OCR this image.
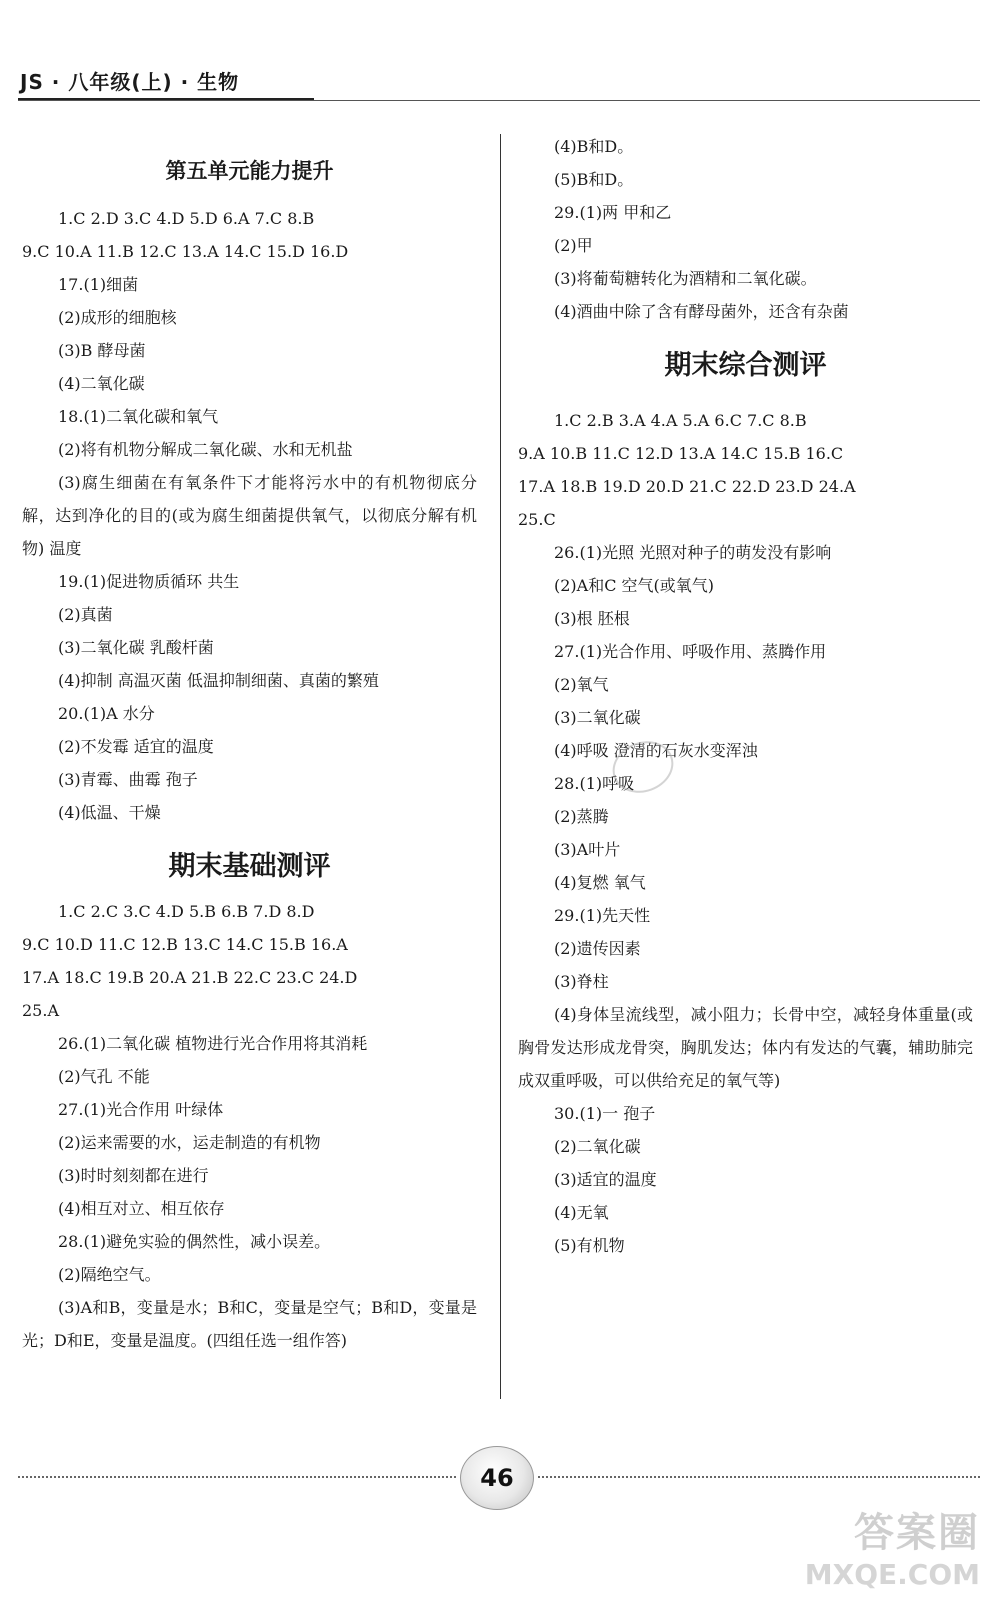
JS · 八年级(上) · 生物
第五单元能力提升
1.C 2.D 3.C 4.D 5.D 6.A 7.C 8.B
9.C 10.A 11.B 12.C 13.A 14.C 15.D 16.D
17.(1)细菌
(2)成形的细胞核
(3)B 酵母菌
(4)二氧化碳
18.(1)二氧化碳和氧气
(2)将有机物分解成二氧化碳、水和无机盐
(3)腐生细菌在有氧条件下才能将污水中的有机物彻底分解，达到净化的目的(或为腐生细菌提供氧气，以彻底分解有机物) 温度
19.(1)促进物质循环 共生
(2)真菌
(3)二氧化碳 乳酸杆菌
(4)抑制 高温灭菌 低温抑制细菌、真菌的繁殖
20.(1)A 水分
(2)不发霉 适宜的温度
(3)青霉、曲霉 孢子
(4)低温、干燥
期末基础测评
1.C 2.C 3.C 4.D 5.B 6.B 7.D 8.D
9.C 10.D 11.C 12.B 13.C 14.C 15.B 16.A
17.A 18.C 19.B 20.A 21.B 22.C 23.C 24.D
25.A
26.(1)二氧化碳 植物进行光合作用将其消耗
(2)气孔 不能
27.(1)光合作用 叶绿体
(2)运来需要的水，运走制造的有机物
(3)时时刻刻都在进行
(4)相互对立、相互依存
28.(1)避免实验的偶然性，减小误差。
(2)隔绝空气。
(3)A和B，变量是水；B和C，变量是空气；B和D，变量是光；D和E，变量是温度。(四组任选一组作答)
(4)B和D。
(5)B和D。
29.(1)两 甲和乙
(2)甲
(3)将葡萄糖转化为酒精和二氧化碳。
(4)酒曲中除了含有酵母菌外，还含有杂菌
期末综合测评
1.C 2.B 3.A 4.A 5.A 6.C 7.C 8.B
9.A 10.B 11.C 12.D 13.A 14.C 15.B 16.C
17.A 18.B 19.D 20.D 21.C 22.D 23.D 24.A
25.C
26.(1)光照 光照对种子的萌发没有影响
(2)A和C 空气(或氧气)
(3)根 胚根
27.(1)光合作用、呼吸作用、蒸腾作用
(2)氧气
(3)二氧化碳
(4)呼吸 澄清的石灰水变浑浊
28.(1)呼吸
(2)蒸腾
(3)A叶片
(4)复燃 氧气
29.(1)先天性
(2)遗传因素
(3)脊柱
(4)身体呈流线型，减小阻力；长骨中空，减轻身体重量(或胸骨发达形成龙骨突，胸肌发达；体内有发达的气囊，辅助肺完成双重呼吸，可以供给充足的氧气等)
30.(1)一 孢子
(2)二氧化碳
(3)适宜的温度
(4)无氧
(5)有机物
46
答案圈
MXQE.COM
